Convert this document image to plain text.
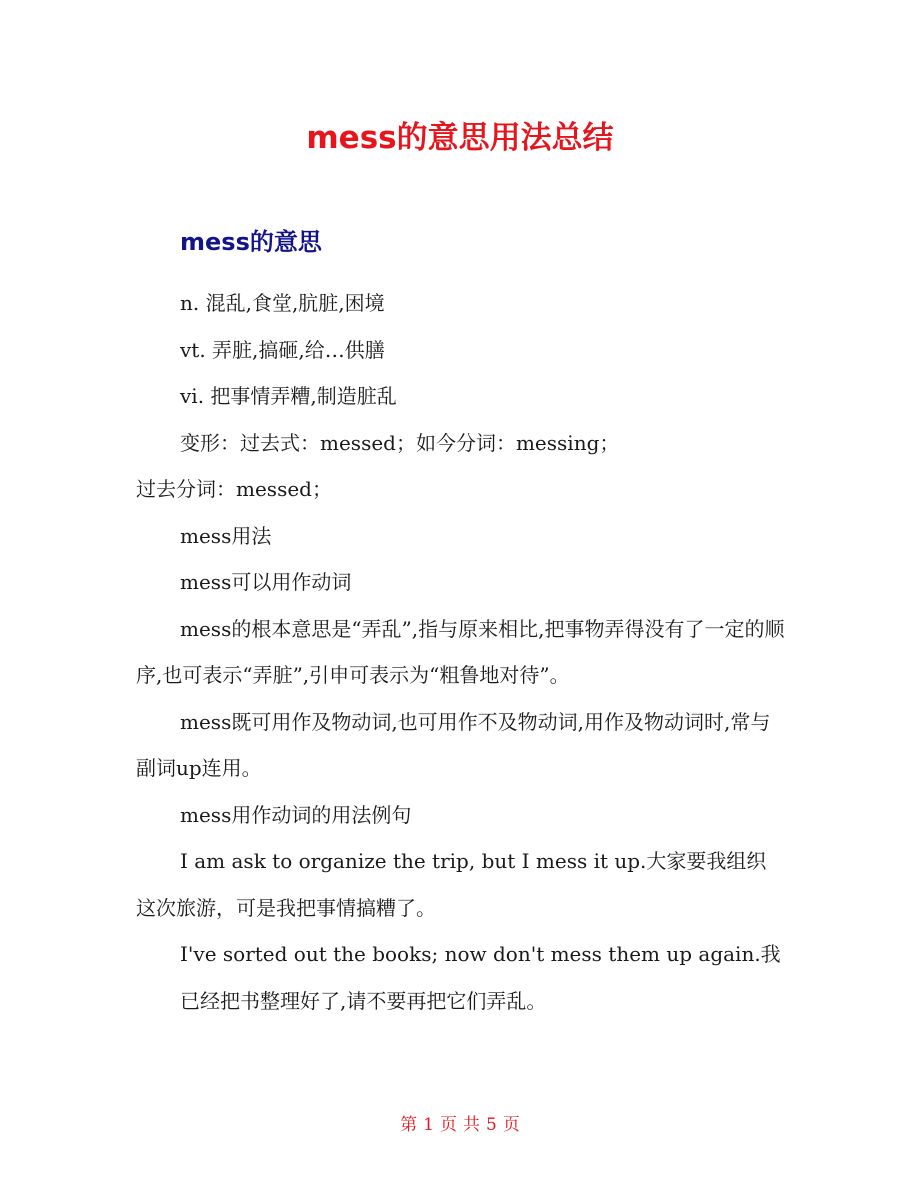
mess的意思用法总结
mess的意思

n. 混乱,食堂,肮脏,困境

vt. 弄脏,搞砸,给…供膳

vi. 把事情弄糟,制造脏乱

变形：过去式：messed；如今分词：messing；

过去分词：messed；

mess用法

mess可以用作动词

mess的根本意思是“弄乱”,指与原来相比,把事物弄得没有了一定的顺序,也可表示“弄脏”,引申可表示为“粗鲁地对待”。

mess既可用作及物动词,也可用作不及物动词,用作及物动词时,常与副词up连用。

mess用作动词的用法例句

I am ask to organize the trip, but I mess it up.大家要我组织这次旅游，可是我把事情搞糟了。

I've sorted out the books; now don't mess them up again.我已经把书整理好了,请不要再把它们弄乱。

第 1 页 共 5 页
